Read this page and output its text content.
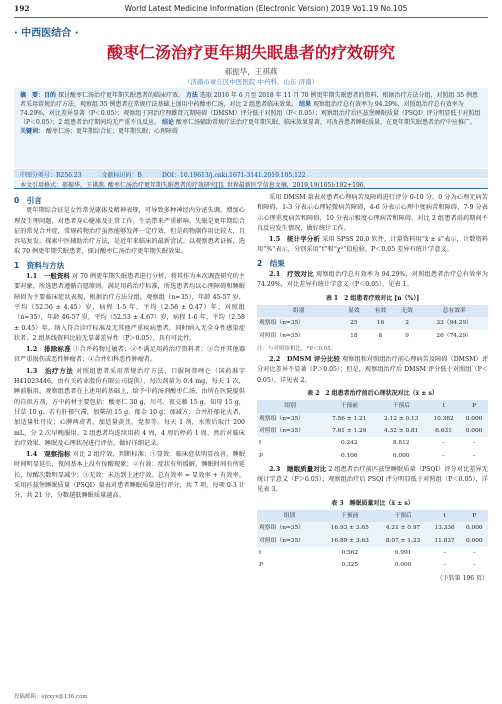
192	World Latest Medicine Information (Electronic Version) 2019 Vo1.19 No.105
· 中西医结合 ·
酸枣仁汤治疗更年期失眠患者的疗效研究
郝振华，王祺燕
（济南市章丘区中医医院 中药科，山东 济南）
摘　要：目的 探讨酸枣仁汤治疗更年期失眠患者的临床疗效。 方法 选取 2016 年 6 月至 2018 年 11 月 70 例更年期失眠患者的资料，根据治疗方法分组，对照组 35 例患者采用常规治疗方法，观察组 35 例患者在常规疗法基础上加用中药酸枣仁汤，对比 2 组患者临床效果。 结果 观察组治疗总有效率为 94.29%，对照组治疗总有效率为 74.29%，对比差异显著（P＜0.05）；观察组于同治疗理雌肾亢期障碍（DMSM）评分低于对照组（P＜0.05）；观察组治疗后匹兹堡睡眠质量（PSQI）评分明显低于对照组（P＜0.05）；2 组患者治疗期间均无严重不良反应。 结论 酸枣仁汤辅助常规疗法治疗更年期失眠，临床效果显著，可改善患者睡眠质量，在更年期失眠患者治疗中应推广。
关键词： 酸枣仁汤；更年期综合征；更年期失眠；心理障碍
中图分类号：R256.23	文献标识码：B	DOI：10.19613/j.cnki.1671-3141.2019.105.122
本文引用格式：郝振华，王祺燕. 酸枣仁汤治疗更年期失眠患者的疗效研究[J]. 世界最新医学信息文摘，2019,19(105):192+196.
0　引言

更年期综合征是女性常见躯体及精神表现，可导致多种神经内分泌失调，增加心理及生理问题，对患者身心健康及正常工作、生活带来严重影响。失眠是更年期综合征的常见合并症，常规药物治疗虽然能够发挥一定疗效，但是药物副作用比较大，且容易复发。探索中医辅助治疗方法，是近年来临床的最新尝试。以观察患者证候，选取 70 例更年期失眠患者，探讨酸枣仁汤治疗更年期失眠效果。

1　资料与方法

1.1　一般资料 对 70 例更年期失眠患者进行分析，将其作为本次调查研究的主要对象，所选患者遵循自愿原则。满足用药治疗标准，所选患者均以心理障碍和睡眠障碍为主要临床症状表现，根据治疗方法分组。观察组（n=35），年龄 45-57 岁，平均（52.56 ± 4.45）岁，病程 1-5 年，平均（2.56 ± 0.47）年；对照组（n=35），年龄 46-57 岁，平均（52.53 ± 4.67）岁，病程 1-6 年，平均（2.58 ± 0.45）年。纳入符合诊疗标准及无其他严重疾病患者，同时纳入无全身性感染症状者。2 组基线资料比较无显著差异性（P＞0.05），具有可比性。

1.2　排除标准 ①合并药物过敏者；②不满足用药治疗资料者；③合并其他器官严重损伤或恶性肿瘤者；④合并妇科恶性肿瘤者。

1.3　治疗方法 对照组患者采用常规治疗方法，口服阿普唑仑（国药准字 H41023446，由有关药业股份有限公司提供），每次剂量为 0.4 mg，每天 1 次，睡前服用。观察组患者在上述用药基础上，给予中药汤剂酸枣仁汤，由所在医院提供的自拟方剂，方中药材主要包括：酸枣仁 30 g，川芎、夜交藤 15 g，知母 15 g，甘草 10 g。若有肝郁气滞，加柴胡 15 g、郁金 10 g；加减方：合并肝郁化火者，加适量牡丹皮；心脾两虚者，加适量黄芪、党参等。每天 1 剂，水煎后取汁 200 mL，分 2 次早晚服用。2 组患者均连续用药 4 周，4 周后停药 1 周，然后对临床治疗效果、睡眠及心理状况进行评估，做好详细记录。

1.4　观察指标 对比 2 组疗效，判断标准：①显效：临床症状明显改善，睡眠时间明显延长，夜间基本上没有惊醒现象；②有效：症状有所缓解，睡眠时间有所延长，惊醒次数明显减少；③无效：未达到上述疗效。总有效率 = 显效率 + 有效率。采用匹兹堡睡眠质量（PSQI）量表对患者睡眠质量进行评分，共 7 项，每项 0-3 计分，共 21 分，分数越低睡眠质量越高。

采用 DMSM 量表对患者心理病苦及障碍进行评分 0-10 分，0 分为心理无病苦和障碍，1-3 分表示心理轻微病苦障碍，4-6 分表示心理中度病苦和障碍，7-9 分表示心理重度病苦和障碍，10 分表示极度心理病苦和障碍。对比 2 组患者用药期间不良反应发生情况，做好统计工作。

1.5　统计学分析 采用 SPSS 20.0 软件，计量资料用“x̄ ± s”表示，计数资料用“%”表示，分别采用“t”和“χ²”值检验，P＜0.05 差异有统计学意义。

2　结果

2.1　疗效对比 观察组治疗总有效率为 94.29%，对照组患者治疗总有效率为 74.29%，对比差异有统计学意义（P＜0.05），见表 1。

表 1　2 组患者疗效对比 [n（%）]
组别	显效	有效	无效	总有效率
观察组（n=35）	25	16	2	33（94.29）
对照组（n=35）	18	8	9	26（74.29）
注：与对照组相比，*P＜0.05。

2.2　DMSM 评分比较 观察组和对照组治疗前心理病苦及障碍（DMSM）评分对比差异不显著（P＞0.05）；但是，观察组治疗后 DMSM 评分低于对照组（P＜0.05），详见表 2。

表 2　2 组患者治疗前后心理状况对比（x̄ ± s）
组别	干预前	干预后	t	P
观察组（n=35）	7.56 ± 1.21	2.12 ± 0.13	10.362	0.000
对照组（n=35）	7.61 ± 1.29	4.32 ± 0.81	6.631	0.000
t	0.242	8.812	–	–
P	0.106	0.000	–	–

2.3　睡眠质量对比 2 组患者治疗前匹兹堡睡眠质量（PSQI）评分对比差异无统计学意义（P＞0.05）；观察组治疗后 PSQI 评分明显低于对照组（P＜0.05），详见表 3。

表 3　睡眠质量对比（x̄ ± s）
组别	干预前	干预后	t	P
观察组（n=35）	16.93 ± 3.65	4.21 ± 0.97	13.336	0.000
对照组（n=35）	16.89 ± 3.63	8.07 ± 1.23	11.827	0.000
t	0.562	9.991	–	–
P	0.325	0.000	–	–
（下转第 196 页）
投稿邮箱：sjzxyx@136.com
